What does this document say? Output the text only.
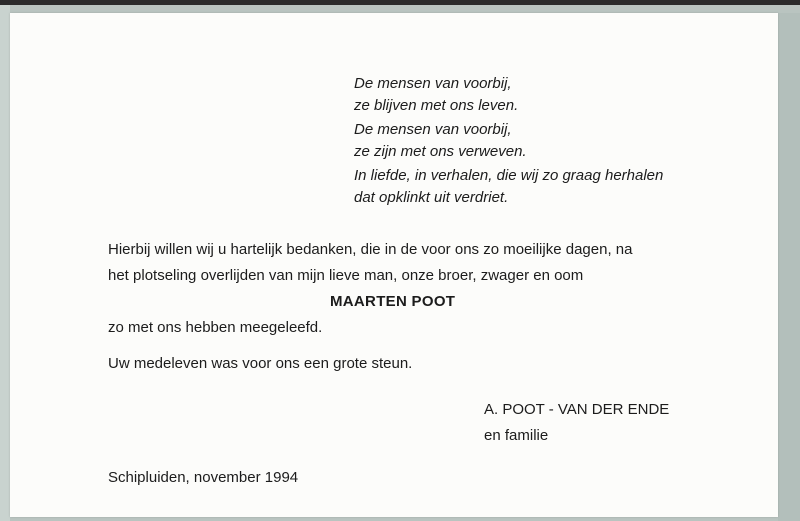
De mensen van voorbij,
ze blijven met ons leven.
De mensen van voorbij,
ze zijn met ons verweven.
In liefde, in verhalen, die wij zo graag herhalen
dat opklinkt uit verdriet.
Hierbij willen wij u hartelijk bedanken, die in de voor ons zo moeilijke dagen, na
het plotseling overlijden van mijn lieve man, onze broer, zwager en oom
MAARTEN POOT
zo met ons hebben meegeleefd.
Uw medeleven was voor ons een grote steun.
A. POOT - VAN DER ENDE
en familie
Schipluiden, november 1994
